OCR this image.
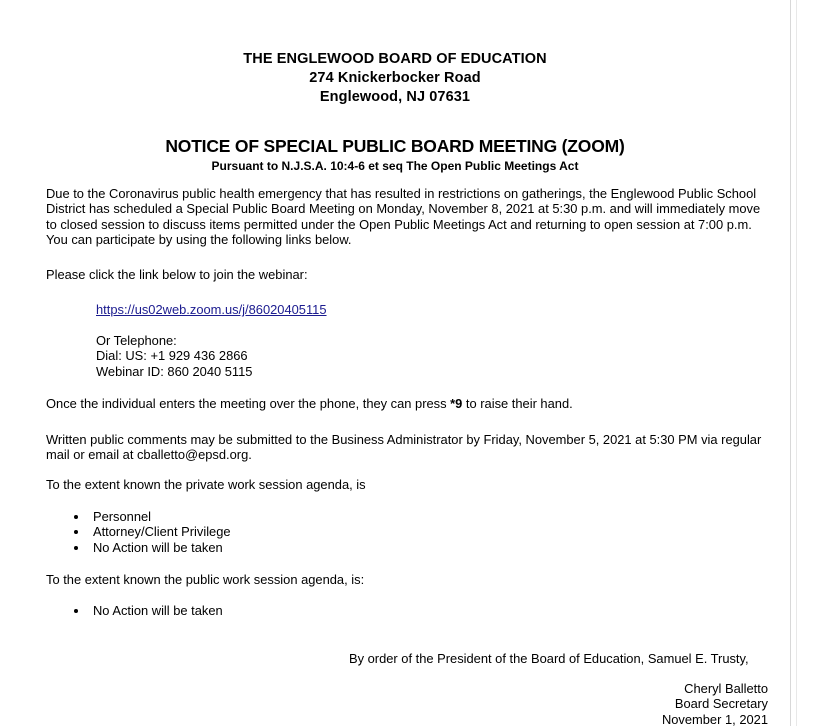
THE ENGLEWOOD BOARD OF EDUCATION
274 Knickerbocker Road
Englewood, NJ 07631
NOTICE OF SPECIAL PUBLIC BOARD MEETING (ZOOM)
Pursuant to N.J.S.A. 10:4-6 et seq The Open Public Meetings Act
Due to the Coronavirus public health emergency that has resulted in restrictions on gatherings, the Englewood Public School District has scheduled a Special Public Board Meeting on Monday, November 8, 2021 at 5:30 p.m. and will immediately move to closed session to discuss items permitted under the Open Public Meetings Act and returning to open session at 7:00 p.m. You can participate by using the following links below.
Please click the link below to join the webinar:
https://us02web.zoom.us/j/86020405115
Or Telephone:
Dial: US: +1 929 436 2866
Webinar ID: 860 2040 5115
Once the individual enters the meeting over the phone, they can press *9 to raise their hand.
Written public comments may be submitted to the Business Administrator by Friday, November 5, 2021 at 5:30 PM via regular mail or email at cballetto@epsd.org.
To the extent known the private work session agenda, is
Personnel
Attorney/Client Privilege
No Action will be taken
To the extent known the public work session agenda, is:
No Action will be taken
By order of the President of the Board of Education, Samuel E. Trusty,
Cheryl Balletto
Board Secretary
November 1, 2021
